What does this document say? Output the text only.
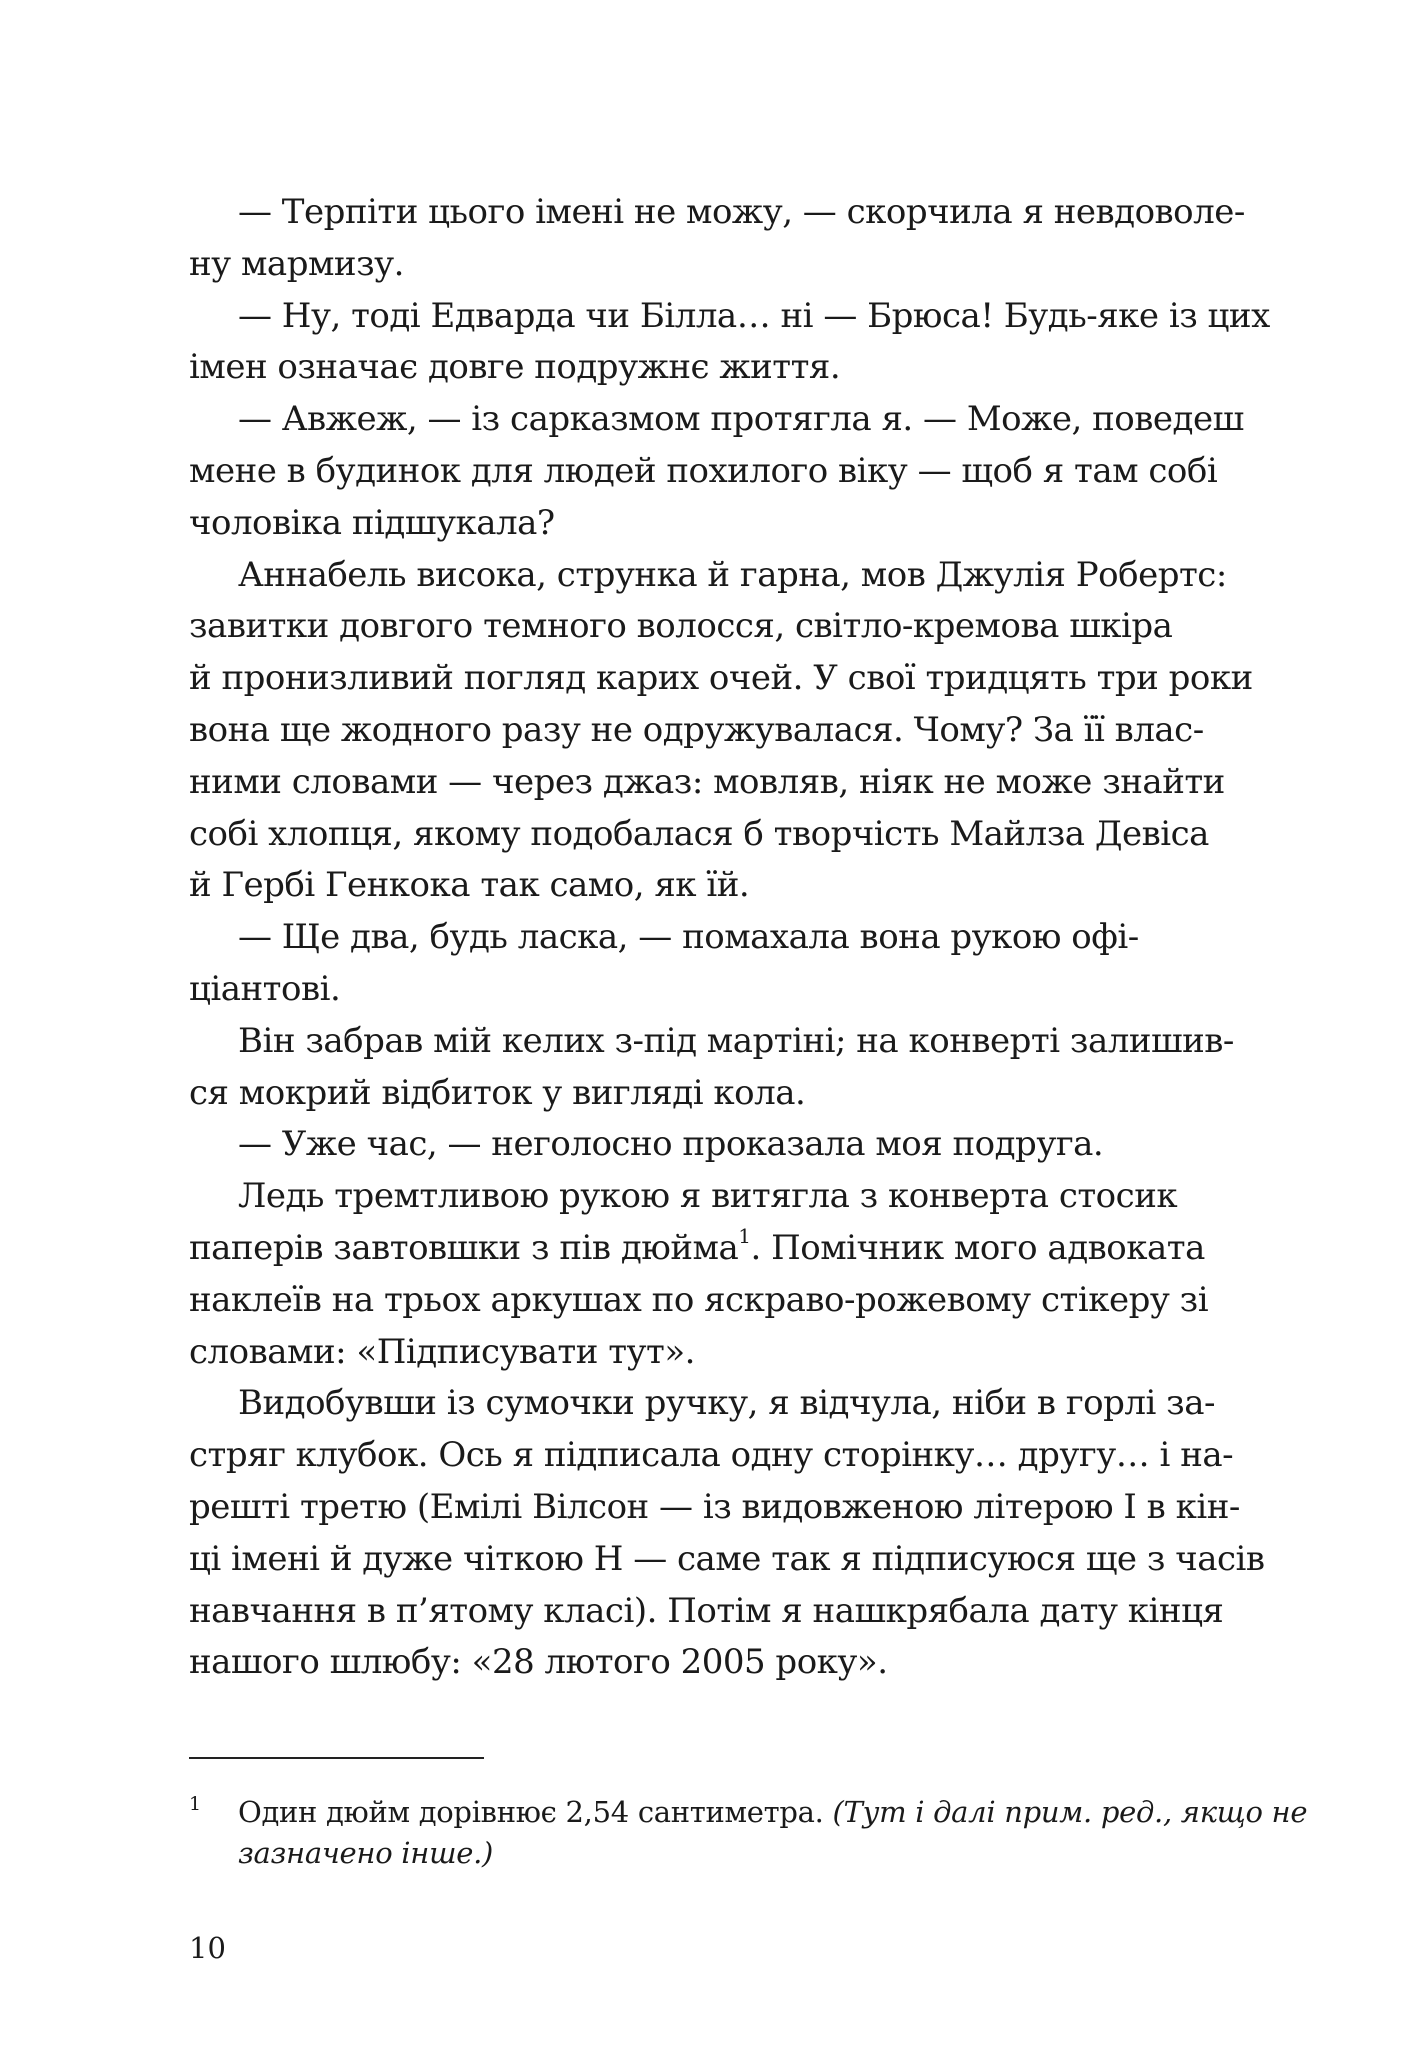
— Терпіти цього імені не можу, — скорчила я невдоволе-
ну мармизу.
— Ну, тоді Едварда чи Білла… ні — Брюса! Будь-яке із цих
імен означає довге подружнє життя.
— Авжеж, — із сарказмом протягла я. — Може, поведеш
мене в будинок для людей похилого віку — щоб я там собі
чоловіка підшукала?
Аннабель висока, струнка й гарна, мов Джулія Робертс:
завитки довгого темного волосся, світло-кремова шкіра
й пронизливий погляд карих очей. У свої тридцять три роки
вона ще жодного разу не одружувалася. Чому? За її влас-
ними словами — через джаз: мовляв, ніяк не може знайти
собі хлопця, якому подобалася б творчість Майлза Девіса
й Гербі Генкока так само, як їй.
— Ще два, будь ласка, — помахала вона рукою офі-
ціантові.
Він забрав мій келих з-під мартіні; на конверті залишив-
ся мокрий відбиток у вигляді кола.
— Уже час, — неголосно проказала моя подруга.
Ледь тремтливою рукою я витягла з конверта стосик
паперів завтовшки з пів дюйма$^1$. Помічник мого адвоката
наклеїв на трьох аркушах по яскраво-рожевому стікеру зі
словами: «Підписувати тут».
Видобувши із сумочки ручку, я відчула, ніби в горлі за-
стряг клубок. Ось я підписала одну сторінку… другу… і на-
решті третю (Емілі Вілсон — із видовженою літерою I в кін-
ці імені й дуже чіткою Н — саме так я підписуюся ще з часів
навчання в п’ятому класі). Потім я нашкрябала дату кінця
нашого шлюбу: «28 лютого 2005 року».
1 Один дюйм дорівнює 2,54 сантиметра. (Тут і далі прим. ред., якщо не
зазначено інше.)
10
